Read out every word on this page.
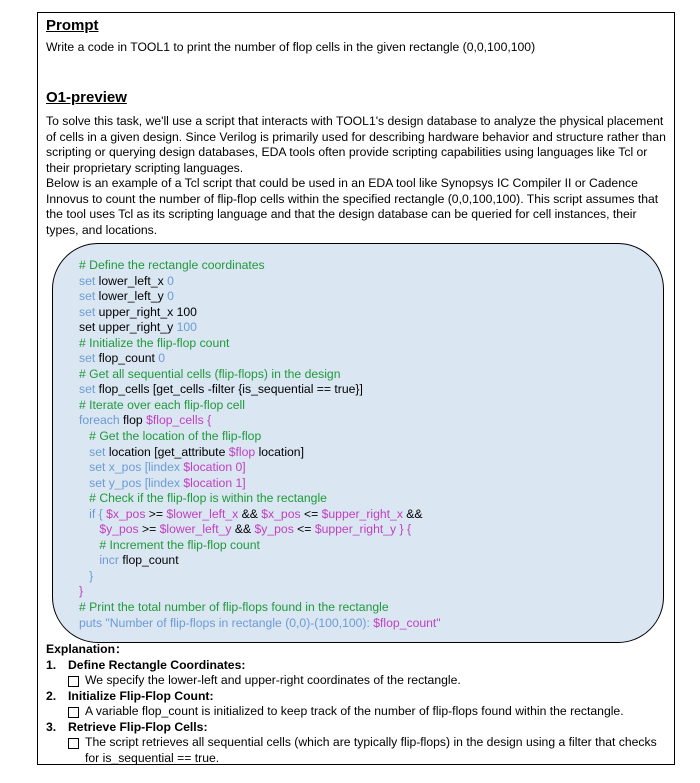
Prompt

Write a code in TOOL1 to print the number of flop cells in the given rectangle (0,0,100,100)

O1-preview

To solve this task, we'll use a script that interacts with TOOL1's design database to analyze the physical placement of cells in a given design. Since Verilog is primarily used for describing hardware behavior and structure rather than scripting or querying design databases, EDA tools often provide scripting capabilities using languages like Tcl or their proprietary scripting languages.

Below is an example of a Tcl script that could be used in an EDA tool like Synopsys IC Compiler II or Cadence Innovus to count the number of flip-flop cells within the specified rectangle (0,0,100,100). This script assumes that the tool uses Tcl as its scripting language and that the design database can be queried for cell instances, their types, and locations.

# Define the rectangle coordinates
set lower_left_x 0
set lower_left_y 0
set upper_right_x 100
set upper_right_y 100
# Initialize the flip-flop count
set flop_count 0
# Get all sequential cells (flip-flops) in the design
set flop_cells [get_cells -filter {is_sequential == true}]
# Iterate over each flip-flop cell
foreach flop $flop_cells {
# Get the location of the flip-flop
set location [get_attribute $flop location]
set x_pos [lindex $location 0]
set y_pos [lindex $location 1]
# Check if the flip-flop is within the rectangle
if { $x_pos >= $lower_left_x && $x_pos <= $upper_right_x &&
$y_pos >= $lower_left_y && $y_pos <= $upper_right_y } {
# Increment the flip-flop count
incr flop_count
}
}
# Print the total number of flip-flops found in the rectangle
puts "Number of flip-flops in rectangle (0,0)-(100,100): $flop_count"
Explanation：
1. Define Rectangle Coordinates:
We specify the lower-left and upper-right coordinates of the rectangle.
2. Initialize Flip-Flop Count:
A variable flop_count is initialized to keep track of the number of flip-flops found within the rectangle.
3. Retrieve Flip-Flop Cells:
The script retrieves all sequential cells (which are typically flip-flops) in the design using a filter that checks for is_sequential == true.
